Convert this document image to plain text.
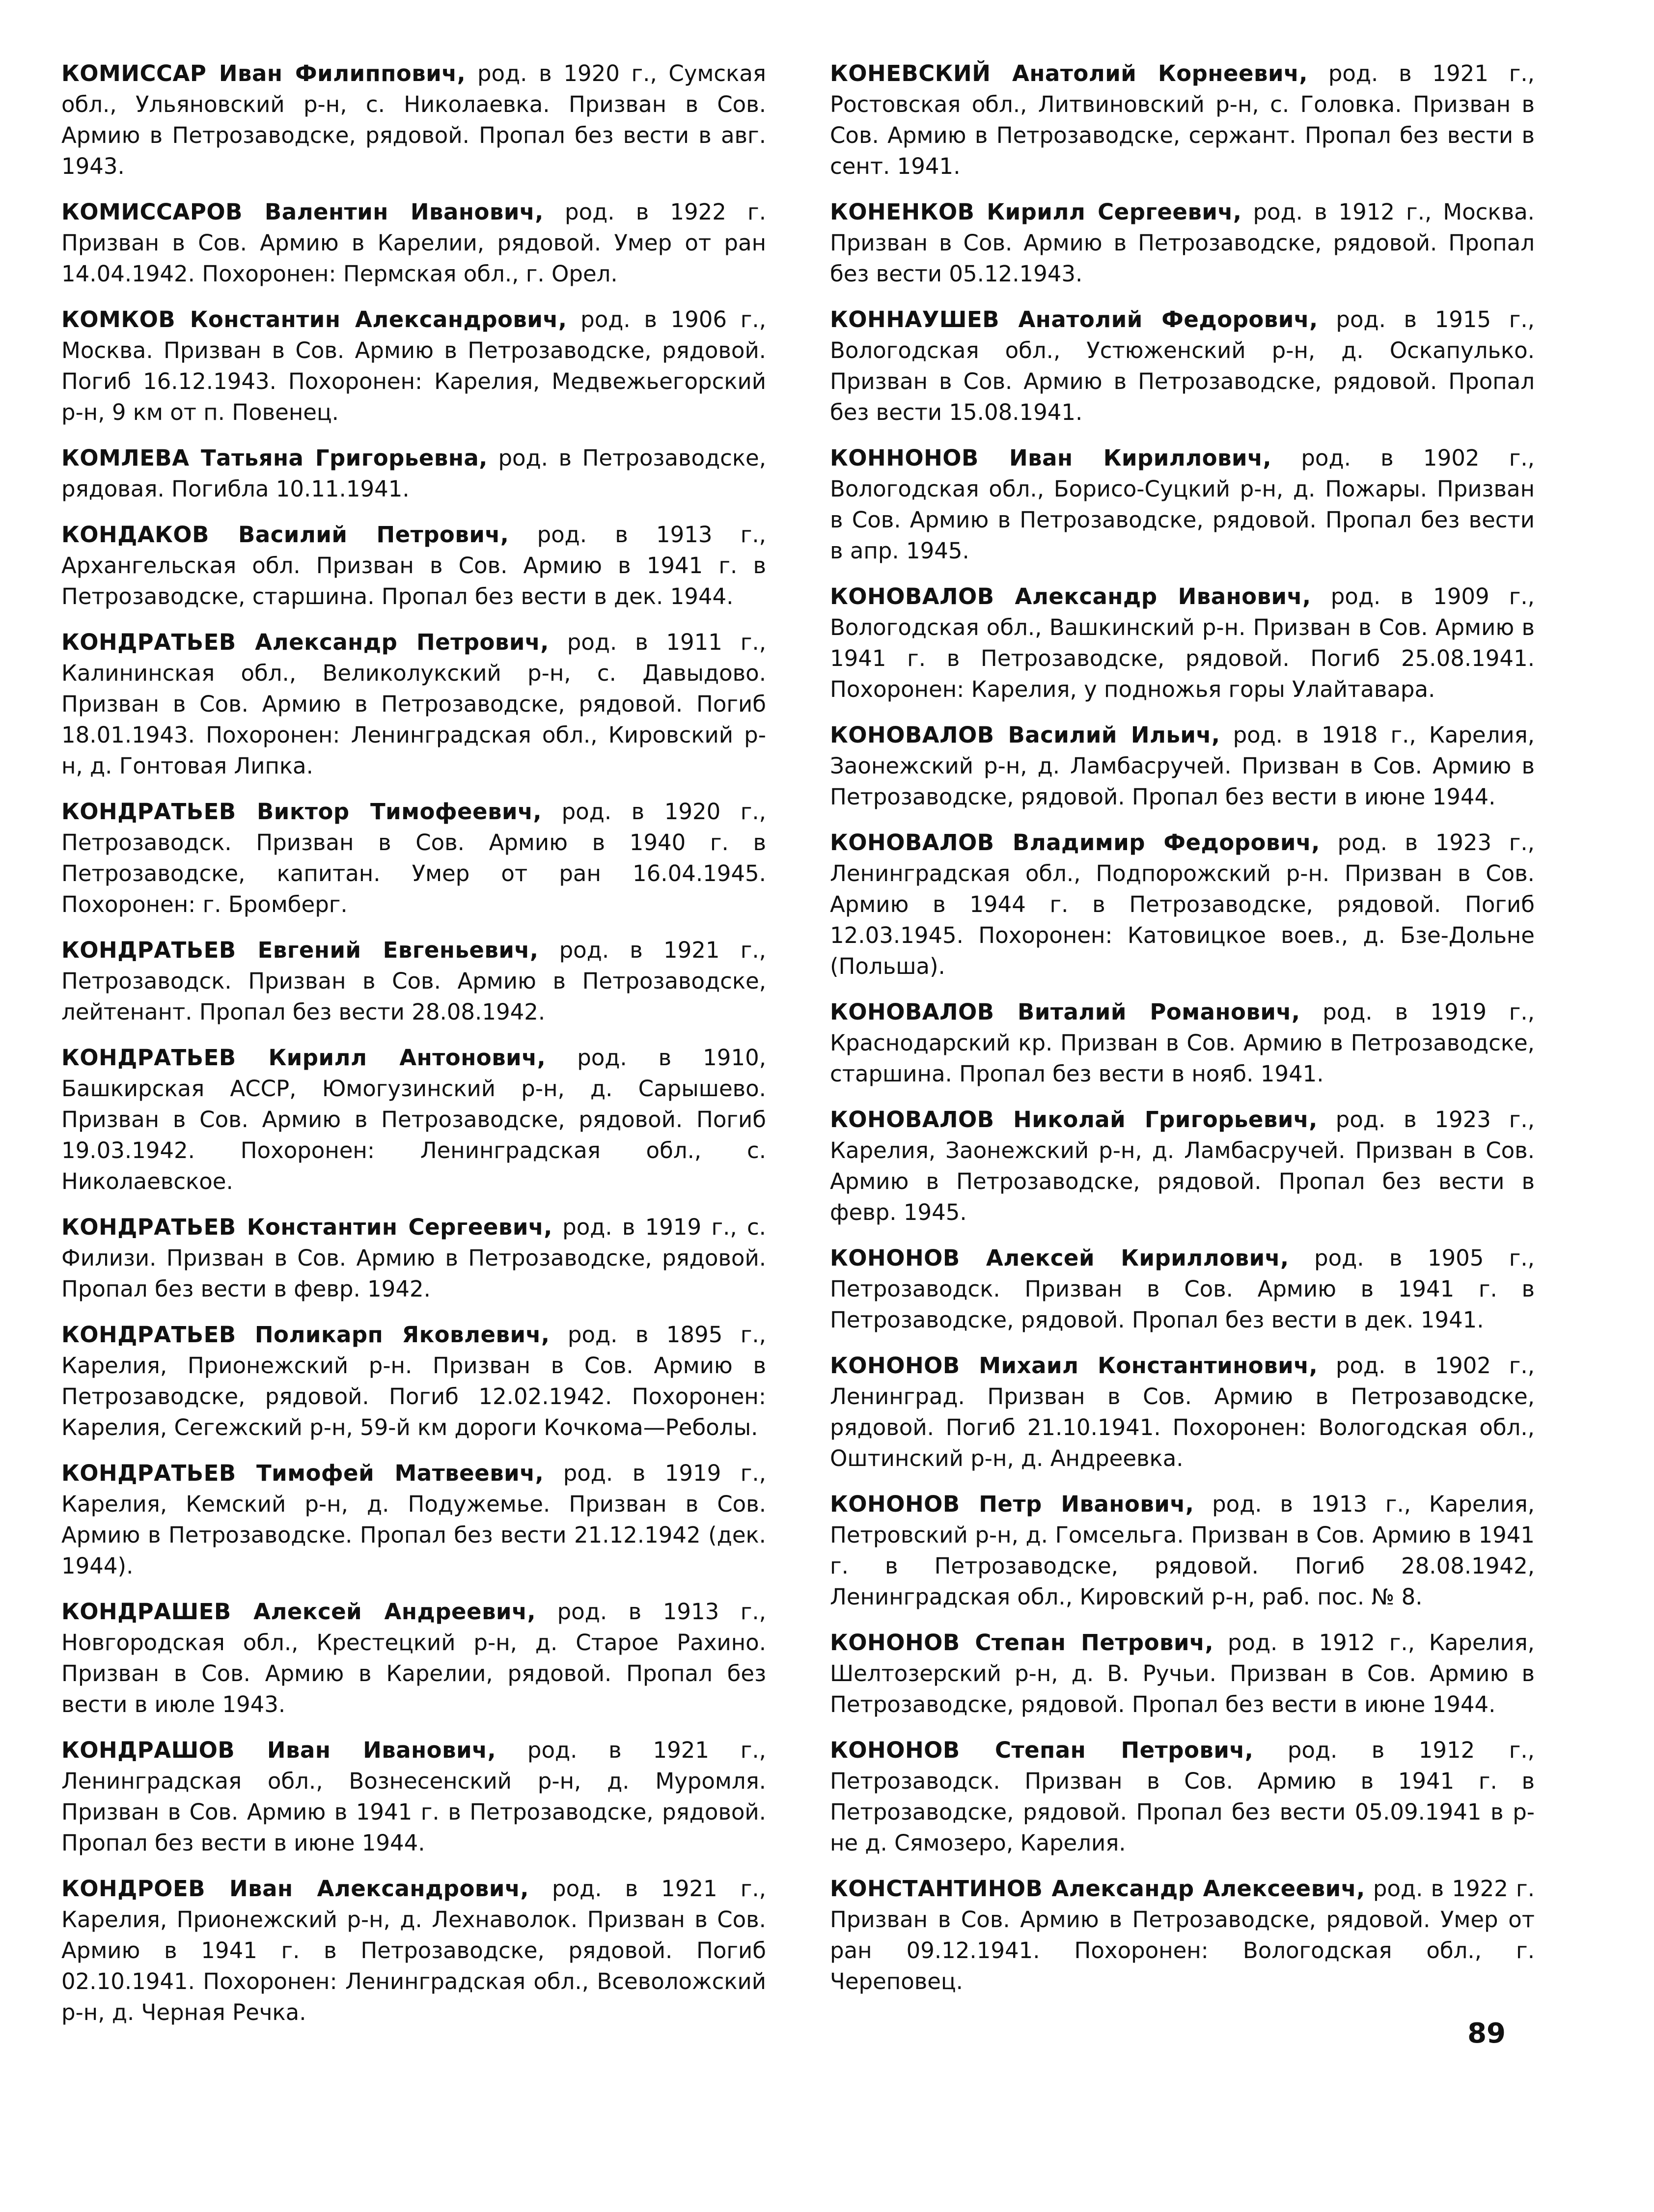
КОМИССАР Иван Филиппович, род. в 1920 г., Сумская обл., Ульяновский р-н, с. Николаевка. Призван в Сов. Армию в Петрозаводске, рядовой. Пропал без вести в авг. 1943.

КОМИССАРОВ Валентин Иванович, род. в 1922 г. Призван в Сов. Армию в Карелии, рядовой. Умер от ран 14.04.1942. Похоронен: Пермская обл., г. Орел.

КОМКОВ Константин Александрович, род. в 1906 г., Москва. Призван в Сов. Армию в Петрозаводске, рядовой. Погиб 16.12.1943. Похоронен: Карелия, Медвежьегорский р-н, 9 км от п. Повенец.

КОМЛЕВА Татьяна Григорьевна, род. в Петрозаводске, рядовая. Погибла 10.11.1941.

КОНДАКОВ Василий Петрович, род. в 1913 г., Архангельская обл. Призван в Сов. Армию в 1941 г. в Петрозаводске, старшина. Пропал без вести в дек. 1944.

КОНДРАТЬЕВ Александр Петрович, род. в 1911 г., Калининская обл., Великолукский р-н, с. Давыдово. Призван в Сов. Армию в Петрозаводске, рядовой. Погиб 18.01.1943. Похоронен: Ленинградская обл., Кировский р-н, д. Гонтовая Липка.

КОНДРАТЬЕВ Виктор Тимофеевич, род. в 1920 г., Петрозаводск. Призван в Сов. Армию в 1940 г. в Петрозаводске, капитан. Умер от ран 16.04.1945. Похоронен: г. Бромберг.

КОНДРАТЬЕВ Евгений Евгеньевич, род. в 1921 г., Петрозаводск. Призван в Сов. Армию в Петрозаводске, лейтенант. Пропал без вести 28.08.1942.

КОНДРАТЬЕВ Кирилл Антонович, род. в 1910, Башкирская АССР, Юмогузинский р-н, д. Сарышево. Призван в Сов. Армию в Петрозаводске, рядовой. Погиб 19.03.1942. Похоронен: Ленинградская обл., с. Николаевское.

КОНДРАТЬЕВ Константин Сергеевич, род. в 1919 г., с. Филизи. Призван в Сов. Армию в Петрозаводске, рядовой. Пропал без вести в февр. 1942.

КОНДРАТЬЕВ Поликарп Яковлевич, род. в 1895 г., Карелия, Прионежский р-н. Призван в Сов. Армию в Петрозаводске, рядовой. Погиб 12.02.1942. Похоронен: Карелия, Сегежский р-н, 59-й км дороги Кочкома—Реболы.

КОНДРАТЬЕВ Тимофей Матвеевич, род. в 1919 г., Карелия, Кемский р-н, д. Подужемье. Призван в Сов. Армию в Петрозаводске. Пропал без вести 21.12.1942 (дек. 1944).

КОНДРАШЕВ Алексей Андреевич, род. в 1913 г., Новгородская обл., Крестецкий р-н, д. Старое Рахино. Призван в Сов. Армию в Карелии, рядовой. Пропал без вести в июле 1943.

КОНДРАШОВ Иван Иванович, род. в 1921 г., Ленинградская обл., Вознесенский р-н, д. Муромля. Призван в Сов. Армию в 1941 г. в Петрозаводске, рядовой. Пропал без вести в июне 1944.

КОНДРОЕВ Иван Александрович, род. в 1921 г., Карелия, Прионежский р-н, д. Лехнаволок. Призван в Сов. Армию в 1941 г. в Петрозаводске, рядовой. Погиб 02.10.1941. Похоронен: Ленинградская обл., Всеволожский р-н, д. Черная Речка.

КОНЕВСКИЙ Анатолий Корнеевич, род. в 1921 г., Ростовская обл., Литвиновский р-н, с. Головка. Призван в Сов. Армию в Петрозаводске, сержант. Пропал без вести в сент. 1941.

КОНЕНКОВ Кирилл Сергеевич, род. в 1912 г., Москва. Призван в Сов. Армию в Петрозаводске, рядовой. Пропал без вести 05.12.1943.

КОННАУШЕВ Анатолий Федорович, род. в 1915 г., Вологодская обл., Устюженский р-н, д. Оскапулько. Призван в Сов. Армию в Петрозаводске, рядовой. Пропал без вести 15.08.1941.

КОННОНОВ Иван Кириллович, род. в 1902 г., Вологодская обл., Борисо-Суцкий р-н, д. Пожары. Призван в Сов. Армию в Петрозаводске, рядовой. Пропал без вести в апр. 1945.

КОНОВАЛОВ Александр Иванович, род. в 1909 г., Вологодская обл., Вашкинский р-н. Призван в Сов. Армию в 1941 г. в Петрозаводске, рядовой. Погиб 25.08.1941. Похоронен: Карелия, у подножья горы Улайтавара.

КОНОВАЛОВ Василий Ильич, род. в 1918 г., Карелия, Заонежский р-н, д. Ламбасручей. Призван в Сов. Армию в Петрозаводске, рядовой. Пропал без вести в июне 1944.

КОНОВАЛОВ Владимир Федорович, род. в 1923 г., Ленинградская обл., Подпорожский р-н. Призван в Сов. Армию в 1944 г. в Петрозаводске, рядовой. Погиб 12.03.1945. Похоронен: Катовицкое воев., д. Бзе-Дольне (Польша).

КОНОВАЛОВ Виталий Романович, род. в 1919 г., Краснодарский кр. Призван в Сов. Армию в Петрозаводске, старшина. Пропал без вести в нояб. 1941.

КОНОВАЛОВ Николай Григорьевич, род. в 1923 г., Карелия, Заонежский р-н, д. Ламбасручей. Призван в Сов. Армию в Петрозаводске, рядовой. Пропал без вести в февр. 1945.

КОНОНОВ Алексей Кириллович, род. в 1905 г., Петрозаводск. Призван в Сов. Армию в 1941 г. в Петрозаводске, рядовой. Пропал без вести в дек. 1941.

КОНОНОВ Михаил Константинович, род. в 1902 г., Ленинград. Призван в Сов. Армию в Петрозаводске, рядовой. Погиб 21.10.1941. Похоронен: Вологодская обл., Оштинский р-н, д. Андреевка.

КОНОНОВ Петр Иванович, род. в 1913 г., Карелия, Петровский р-н, д. Гомсельга. Призван в Сов. Армию в 1941 г. в Петрозаводске, рядовой. Погиб 28.08.1942, Ленинградская обл., Кировский р-н, раб. пос. № 8.

КОНОНОВ Степан Петрович, род. в 1912 г., Карелия, Шелтозерский р-н, д. В. Ручьи. Призван в Сов. Армию в Петрозаводске, рядовой. Пропал без вести в июне 1944.

КОНОНОВ Степан Петрович, род. в 1912 г., Петрозаводск. Призван в Сов. Армию в 1941 г. в Петрозаводске, рядовой. Пропал без вести 05.09.1941 в р-не д. Сямозеро, Карелия.

КОНСТАНТИНОВ Александр Алексеевич, род. в 1922 г. Призван в Сов. Армию в Петрозаводске, рядовой. Умер от ран 09.12.1941. Похоронен: Вологодская обл., г. Череповец.

89
